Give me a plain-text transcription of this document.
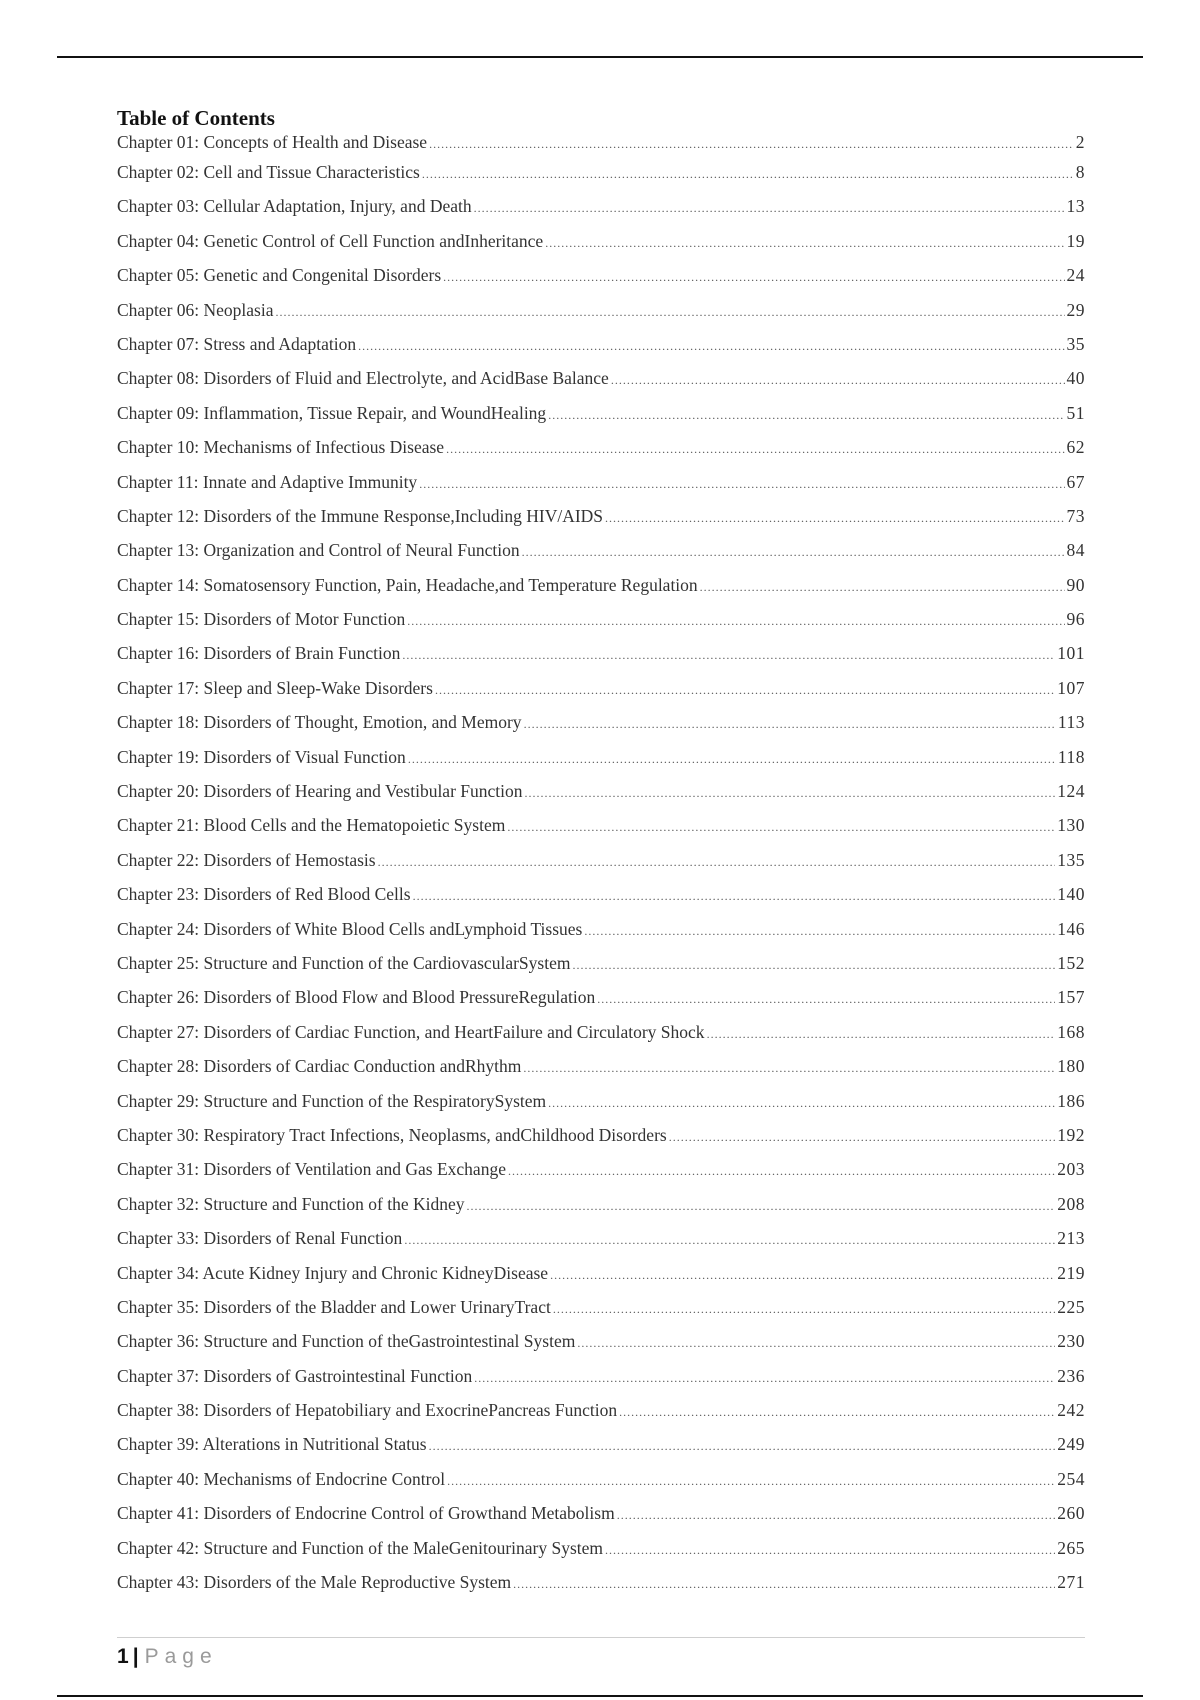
Table of Contents
Chapter 01: Concepts of Health and Disease .....	2
Chapter 02: Cell and Tissue Characteristics .....	8
Chapter 03: Cellular Adaptation, Injury, and Death .....	13
Chapter 04: Genetic Control of Cell Function andInheritance .....	19
Chapter 05: Genetic and Congenital Disorders .....	24
Chapter 06: Neoplasia .....	29
Chapter 07: Stress and Adaptation .....	35
Chapter 08: Disorders of Fluid and Electrolyte, and AcidBase Balance .....	40
Chapter 09: Inflammation, Tissue Repair, and WoundHealing .....	51
Chapter 10: Mechanisms of Infectious Disease .....	62
Chapter 11: Innate and Adaptive Immunity .....	67
Chapter 12: Disorders of the Immune Response,Including HIV/AIDS .....	73
Chapter 13: Organization and Control of Neural Function .....	84
Chapter 14: Somatosensory Function, Pain, Headache,and Temperature Regulation .....	90
Chapter 15: Disorders of Motor Function .....	96
Chapter 16: Disorders of Brain Function .....	101
Chapter 17: Sleep and Sleep-Wake Disorders .....	107
Chapter 18: Disorders of Thought, Emotion, and Memory .....	113
Chapter 19: Disorders of Visual Function .....	118
Chapter 20: Disorders of Hearing and Vestibular Function .....	124
Chapter 21: Blood Cells and the Hematopoietic System .....	130
Chapter 22: Disorders of Hemostasis .....	135
Chapter 23: Disorders of Red Blood Cells .....	140
Chapter 24: Disorders of White Blood Cells andLymphoid Tissues .....	146
Chapter 25: Structure and Function of the CardiovascularSystem .....	152
Chapter 26: Disorders of Blood Flow and Blood PressureRegulation .....	157
Chapter 27: Disorders of Cardiac Function, and HeartFailure and Circulatory Shock .....	168
Chapter 28: Disorders of Cardiac Conduction andRhythm .....	180
Chapter 29: Structure and Function of the RespiratorySystem .....	186
Chapter 30: Respiratory Tract Infections, Neoplasms, andChildhood Disorders .....	192
Chapter 31: Disorders of Ventilation and Gas Exchange .....	203
Chapter 32: Structure and Function of the Kidney .....	208
Chapter 33: Disorders of Renal Function .....	213
Chapter 34: Acute Kidney Injury and Chronic KidneyDisease .....	219
Chapter 35: Disorders of the Bladder and Lower UrinaryTract .....	225
Chapter 36: Structure and Function of theGastrointestinal System .....	230
Chapter 37: Disorders of Gastrointestinal Function .....	236
Chapter 38: Disorders of Hepatobiliary and ExocrinePancreas Function .....	242
Chapter 39: Alterations in Nutritional Status .....	249
Chapter 40: Mechanisms of Endocrine Control .....	254
Chapter 41: Disorders of Endocrine Control of Growthand Metabolism .....	260
Chapter 42: Structure and Function of the MaleGenitourinary System .....	265
Chapter 43: Disorders of the Male Reproductive System .....	271
1 | Page
